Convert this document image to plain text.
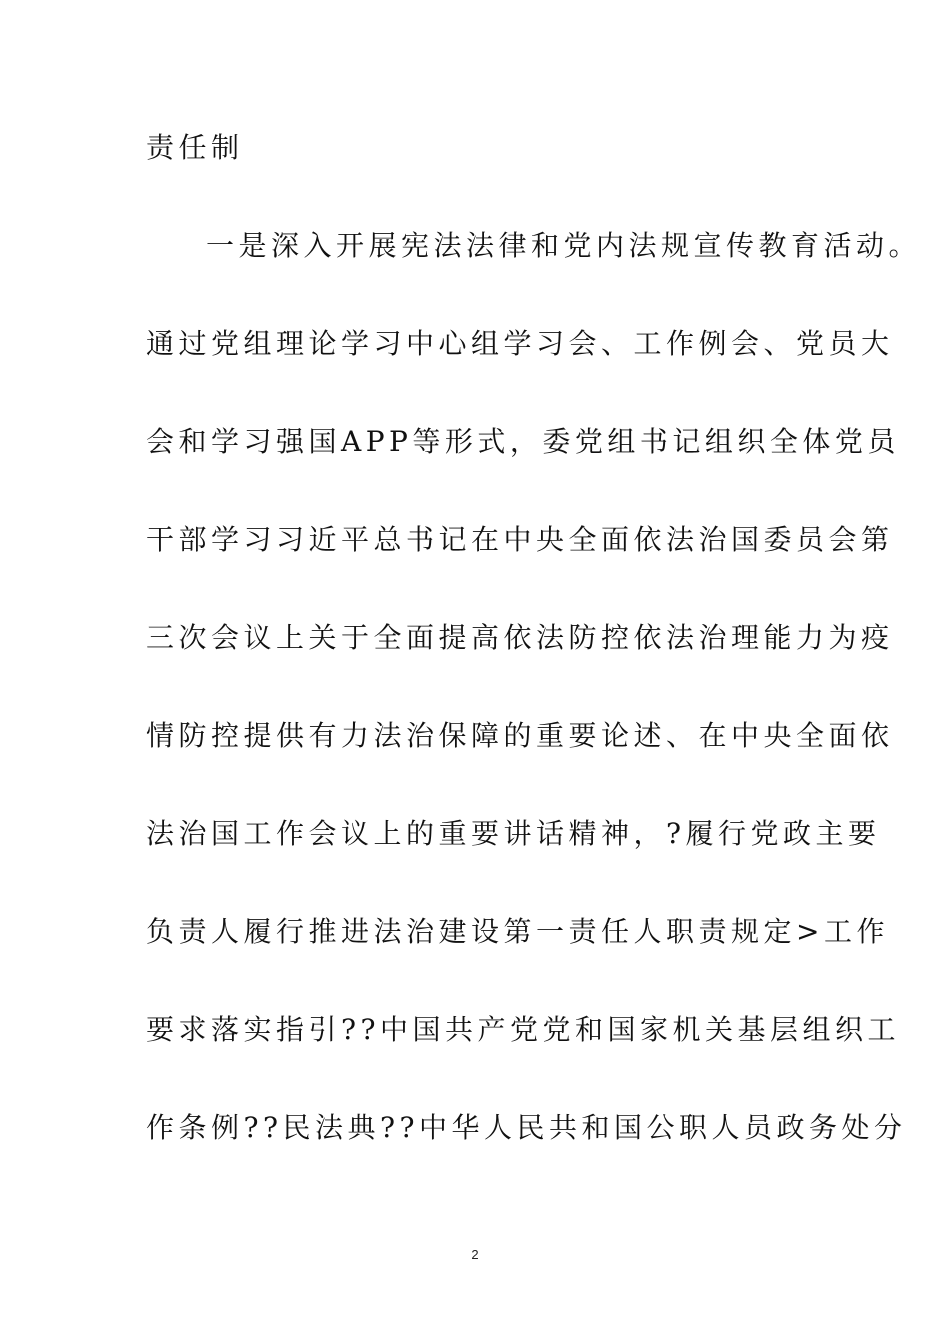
责任制
一是深入开展宪法法律和党内法规宣传教育活动。
通过党组理论学习中心组学习会、工作例会、党员大
会和学习强国APP等形式，委党组书记组织全体党员
干部学习习近平总书记在中央全面依法治国委员会第
三次会议上关于全面提高依法防控依法治理能力为疫
情防控提供有力法治保障的重要论述、在中央全面依
法治国工作会议上的重要讲话精神，?履行党政主要
负责人履行推进法治建设第一责任人职责规定>工作
要求落实指引??中国共产党党和国家机关基层组织工
作条例??民法典??中华人民共和国公职人员政务处分
2
